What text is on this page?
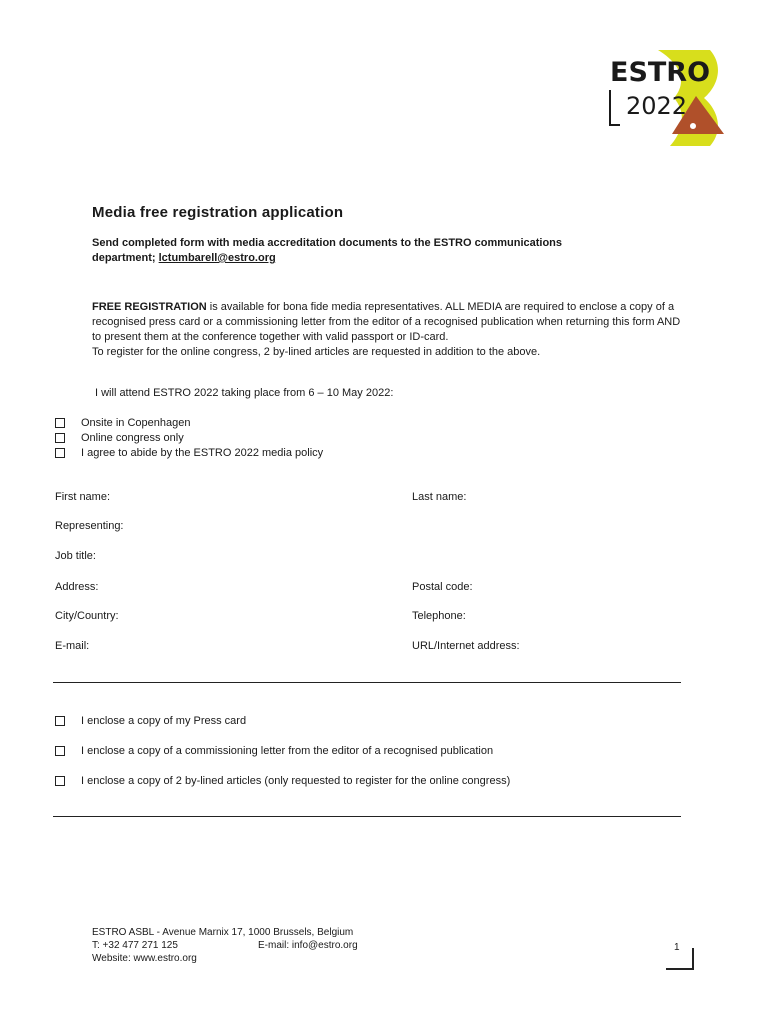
ESTRO
2022
Media free registration application
Send completed form with media accreditation documents to the ESTRO communications
department; lctumbarell@estro.org
FREE REGISTRATION is available for bona fide media representatives. ALL MEDIA are required to enclose a copy of a recognised press card or a commissioning letter from the editor of a recognised publication when returning this form AND to present them at the conference together with valid passport or ID-card.
To register for the online congress, 2 by-lined articles are requested in addition to the above.
I will attend ESTRO 2022 taking place from 6 – 10 May 2022:
Onsite in Copenhagen
Online congress only
I agree to abide by the ESTRO 2022 media policy
First name:	Last name:
Representing:
Job title:
Address:	Postal code:
City/Country:	Telephone:
E-mail:	URL/Internet address:
I enclose a copy of my Press card
I enclose a copy of a commissioning letter from the editor of a recognised publication
I enclose a copy of 2 by-lined articles (only requested to register for the online congress)
ESTRO ASBL - Avenue Marnix 17, 1000 Brussels, Belgium
T: +32 477 271 125	E-mail: info@estro.org
Website: www.estro.org
1
